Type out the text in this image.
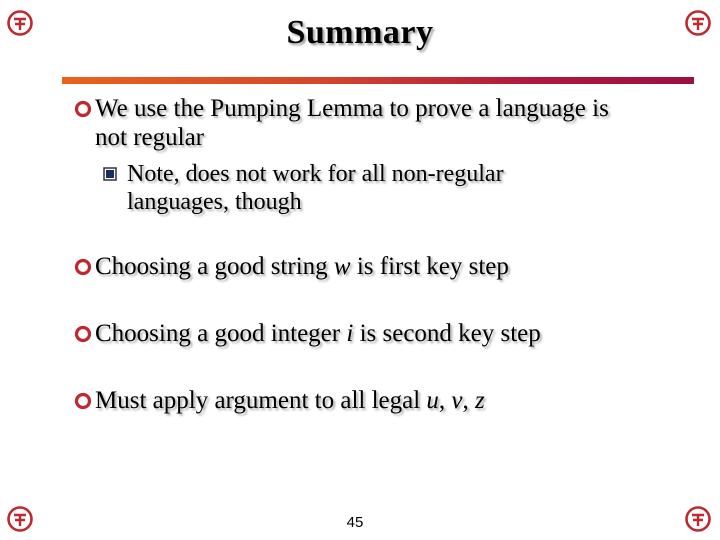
Summary
We use the Pumping Lemma to prove a language is
not regular
Note, does not work for all non-regular
languages, though
Choosing a good string w is first key step
Choosing a good integer i is second key step
Must apply argument to all legal u, v, z
45
